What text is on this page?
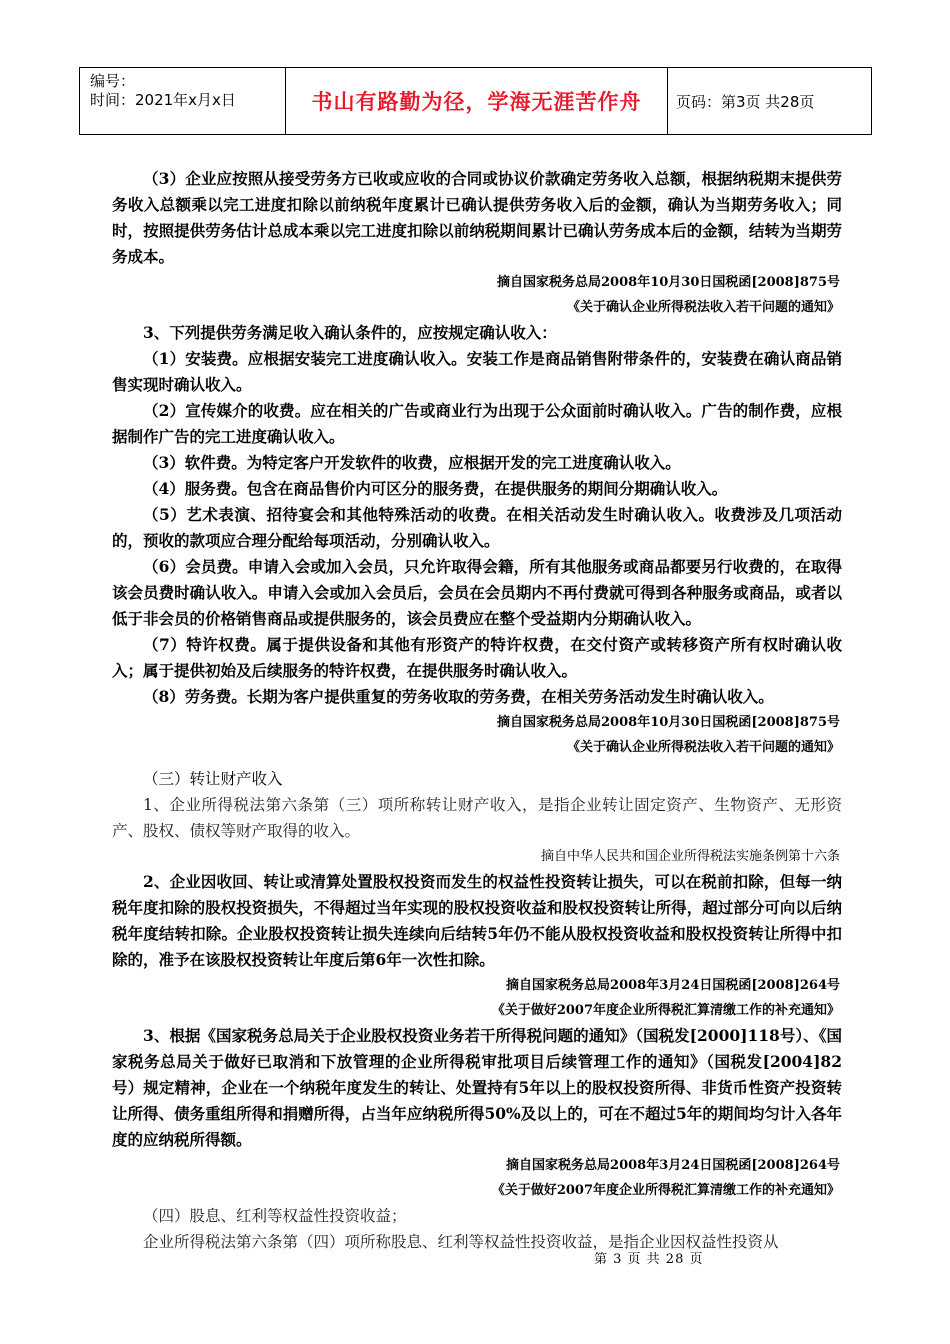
编号：
时间：2021年x月x日	书山有路勤为径，学海无涯苦作舟 页码：第3页 共28页

（3）企业应按照从接受劳务方已收或应收的合同或协议价款确定劳务收入总额，根据纳税期末提供劳务收入总额乘以完工进度扣除以前纳税年度累计已确认提供劳务收入后的金额，确认为当期劳务收入；同时，按照提供劳务估计总成本乘以完工进度扣除以前纳税期间累计已确认劳务成本后的金额，结转为当期劳务成本。

摘自国家税务总局2008年10月30日国税函[2008]875号

《关于确认企业所得税法收入若干问题的通知》

3、下列提供劳务满足收入确认条件的，应按规定确认收入：

（1）安装费。应根据安装完工进度确认收入。安装工作是商品销售附带条件的，安装费在确认商品销售实现时确认收入。

（2）宣传媒介的收费。应在相关的广告或商业行为出现于公众面前时确认收入。广告的制作费，应根据制作广告的完工进度确认收入。

（3）软件费。为特定客户开发软件的收费，应根据开发的完工进度确认收入。

（4）服务费。包含在商品售价内可区分的服务费，在提供服务的期间分期确认收入。

（5）艺术表演、招待宴会和其他特殊活动的收费。在相关活动发生时确认收入。收费涉及几项活动的，预收的款项应合理分配给每项活动，分别确认收入。

（6）会员费。申请入会或加入会员，只允许取得会籍，所有其他服务或商品都要另行收费的，在取得该会员费时确认收入。申请入会或加入会员后，会员在会员期内不再付费就可得到各种服务或商品，或者以低于非会员的价格销售商品或提供服务的，该会员费应在整个受益期内分期确认收入。

（7）特许权费。属于提供设备和其他有形资产的特许权费，在交付资产或转移资产所有权时确认收入；属于提供初始及后续服务的特许权费，在提供服务时确认收入。

（8）劳务费。长期为客户提供重复的劳务收取的劳务费，在相关劳务活动发生时确认收入。

摘自国家税务总局2008年10月30日国税函[2008]875号

《关于确认企业所得税法收入若干问题的通知》

（三）转让财产收入

1、企业所得税法第六条第（三）项所称转让财产收入，是指企业转让固定资产、生物资产、无形资产、股权、债权等财产取得的收入。

摘自中华人民共和国企业所得税法实施条例第十六条

2、企业因收回、转让或清算处置股权投资而发生的权益性投资转让损失，可以在税前扣除，但每一纳税年度扣除的股权投资损失，不得超过当年实现的股权投资收益和股权投资转让所得，超过部分可向以后纳税年度结转扣除。企业股权投资转让损失连续向后结转5年仍不能从股权投资收益和股权投资转让所得中扣除的，准予在该股权投资转让年度后第6年一次性扣除。

摘自国家税务总局2008年3月24日国税函[2008]264号

《关于做好2007年度企业所得税汇算清缴工作的补充通知》

3、根据《国家税务总局关于企业股权投资业务若干所得税问题的通知》（国税发[2000]118号）、《国家税务总局关于做好已取消和下放管理的企业所得税审批项目后续管理工作的通知》（国税发[2004]82号）规定精神，企业在一个纳税年度发生的转让、处置持有5年以上的股权投资所得、非货币性资产投资转让所得、债务重组所得和捐赠所得，占当年应纳税所得50%及以上的，可在不超过5年的期间均匀计入各年度的应纳税所得额。

摘自国家税务总局2008年3月24日国税函[2008]264号

《关于做好2007年度企业所得税汇算清缴工作的补充通知》

（四）股息、红利等权益性投资收益；

企业所得税法第六条第（四）项所称股息、红利等权益性投资收益，是指企业因权益性投资从

第 3 页 共 28 页
